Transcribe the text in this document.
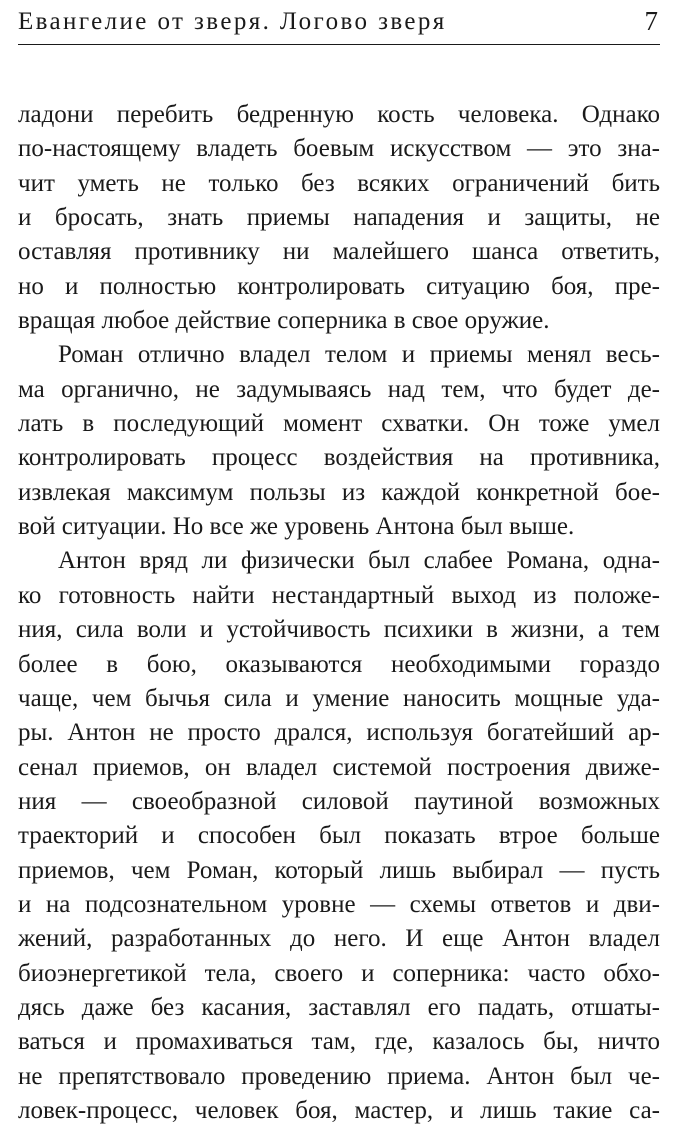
Евангелие от зверя. Логово зверя	7
ладони перебить бедренную кость человека. Однако
по-настоящему владеть боевым искусством — это зна-
чит уметь не только без всяких ограничений бить
и бросать, знать приемы нападения и защиты, не
оставляя противнику ни малейшего шанса ответить,
но и полностью контролировать ситуацию боя, пре-
вращая любое действие соперника в свое оружие.
Роман отлично владел телом и приемы менял весь-
ма органично, не задумываясь над тем, что будет де-
лать в последующий момент схватки. Он тоже умел
контролировать процесс воздействия на противника,
извлекая максимум пользы из каждой конкретной бое-
вой ситуации. Но все же уровень Антона был выше.
Антон вряд ли физически был слабее Романа, одна-
ко готовность найти нестандартный выход из положе-
ния, сила воли и устойчивость психики в жизни, а тем
более в бою, оказываются необходимыми гораздо
чаще, чем бычья сила и умение наносить мощные уда-
ры. Антон не просто дрался, используя богатейший ар-
сенал приемов, он владел системой построения движе-
ния — своеобразной силовой паутиной возможных
траекторий и способен был показать втрое больше
приемов, чем Роман, который лишь выбирал — пусть
и на подсознательном уровне — схемы ответов и дви-
жений, разработанных до него. И еще Антон владел
биоэнергетикой тела, своего и соперника: часто обхо-
дясь даже без касания, заставлял его падать, отшаты-
ваться и промахиваться там, где, казалось бы, ничто
не препятствовало проведению приема. Антон был че-
ловек-процесс, человек боя, мастер, и лишь такие са-
